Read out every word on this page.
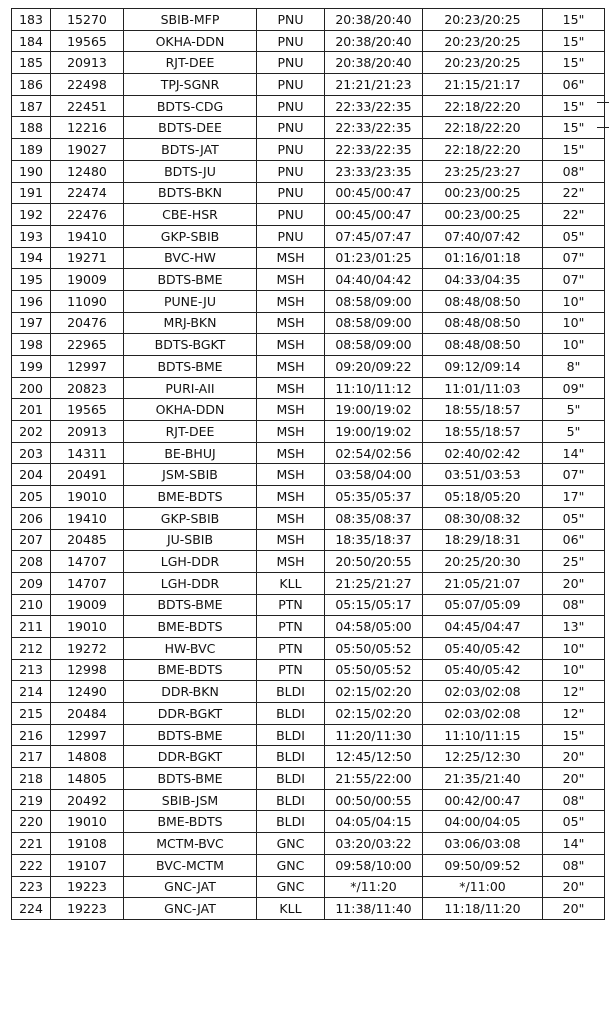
183	15270	SBIB-MFP	PNU	20:38/20:40	20:23/20:25	15"
184	19565	OKHA-DDN	PNU	20:38/20:40	20:23/20:25	15"
185	20913	RJT-DEE	PNU	20:38/20:40	20:23/20:25	15"
186	22498	TPJ-SGNR	PNU	21:21/21:23	21:15/21:17	06"
187	22451	BDTS-CDG	PNU	22:33/22:35	22:18/22:20	15"
188	12216	BDTS-DEE	PNU	22:33/22:35	22:18/22:20	15"
189	19027	BDTS-JAT	PNU	22:33/22:35	22:18/22:20	15"
190	12480	BDTS-JU	PNU	23:33/23:35	23:25/23:27	08"
191	22474	BDTS-BKN	PNU	00:45/00:47	00:23/00:25	22"
192	22476	CBE-HSR	PNU	00:45/00:47	00:23/00:25	22"
193	19410	GKP-SBIB	PNU	07:45/07:47	07:40/07:42	05"
194	19271	BVC-HW	MSH	01:23/01:25	01:16/01:18	07"
195	19009	BDTS-BME	MSH	04:40/04:42	04:33/04:35	07"
196	11090	PUNE-JU	MSH	08:58/09:00	08:48/08:50	10"
197	20476	MRJ-BKN	MSH	08:58/09:00	08:48/08:50	10"
198	22965	BDTS-BGKT	MSH	08:58/09:00	08:48/08:50	10"
199	12997	BDTS-BME	MSH	09:20/09:22	09:12/09:14	8"
200	20823	PURI-AII	MSH	11:10/11:12	11:01/11:03	09"
201	19565	OKHA-DDN	MSH	19:00/19:02	18:55/18:57	5"
202	20913	RJT-DEE	MSH	19:00/19:02	18:55/18:57	5"
203	14311	BE-BHUJ	MSH	02:54/02:56	02:40/02:42	14"
204	20491	JSM-SBIB	MSH	03:58/04:00	03:51/03:53	07"
205	19010	BME-BDTS	MSH	05:35/05:37	05:18/05:20	17"
206	19410	GKP-SBIB	MSH	08:35/08:37	08:30/08:32	05"
207	20485	JU-SBIB	MSH	18:35/18:37	18:29/18:31	06"
208	14707	LGH-DDR	MSH	20:50/20:55	20:25/20:30	25"
209	14707	LGH-DDR	KLL	21:25/21:27	21:05/21:07	20"
210	19009	BDTS-BME	PTN	05:15/05:17	05:07/05:09	08"
211	19010	BME-BDTS	PTN	04:58/05:00	04:45/04:47	13"
212	19272	HW-BVC	PTN	05:50/05:52	05:40/05:42	10"
213	12998	BME-BDTS	PTN	05:50/05:52	05:40/05:42	10"
214	12490	DDR-BKN	BLDI	02:15/02:20	02:03/02:08	12"
215	20484	DDR-BGKT	BLDI	02:15/02:20	02:03/02:08	12"
216	12997	BDTS-BME	BLDI	11:20/11:30	11:10/11:15	15"
217	14808	DDR-BGKT	BLDI	12:45/12:50	12:25/12:30	20"
218	14805	BDTS-BME	BLDI	21:55/22:00	21:35/21:40	20"
219	20492	SBIB-JSM	BLDI	00:50/00:55	00:42/00:47	08"
220	19010	BME-BDTS	BLDI	04:05/04:15	04:00/04:05	05"
221	19108	MCTM-BVC	GNC	03:20/03:22	03:06/03:08	14"
222	19107	BVC-MCTM	GNC	09:58/10:00	09:50/09:52	08"
223	19223	GNC-JAT	GNC	*/11:20	*/11:00	20"
224	19223	GNC-JAT	KLL	11:38/11:40	11:18/11:20	20"
